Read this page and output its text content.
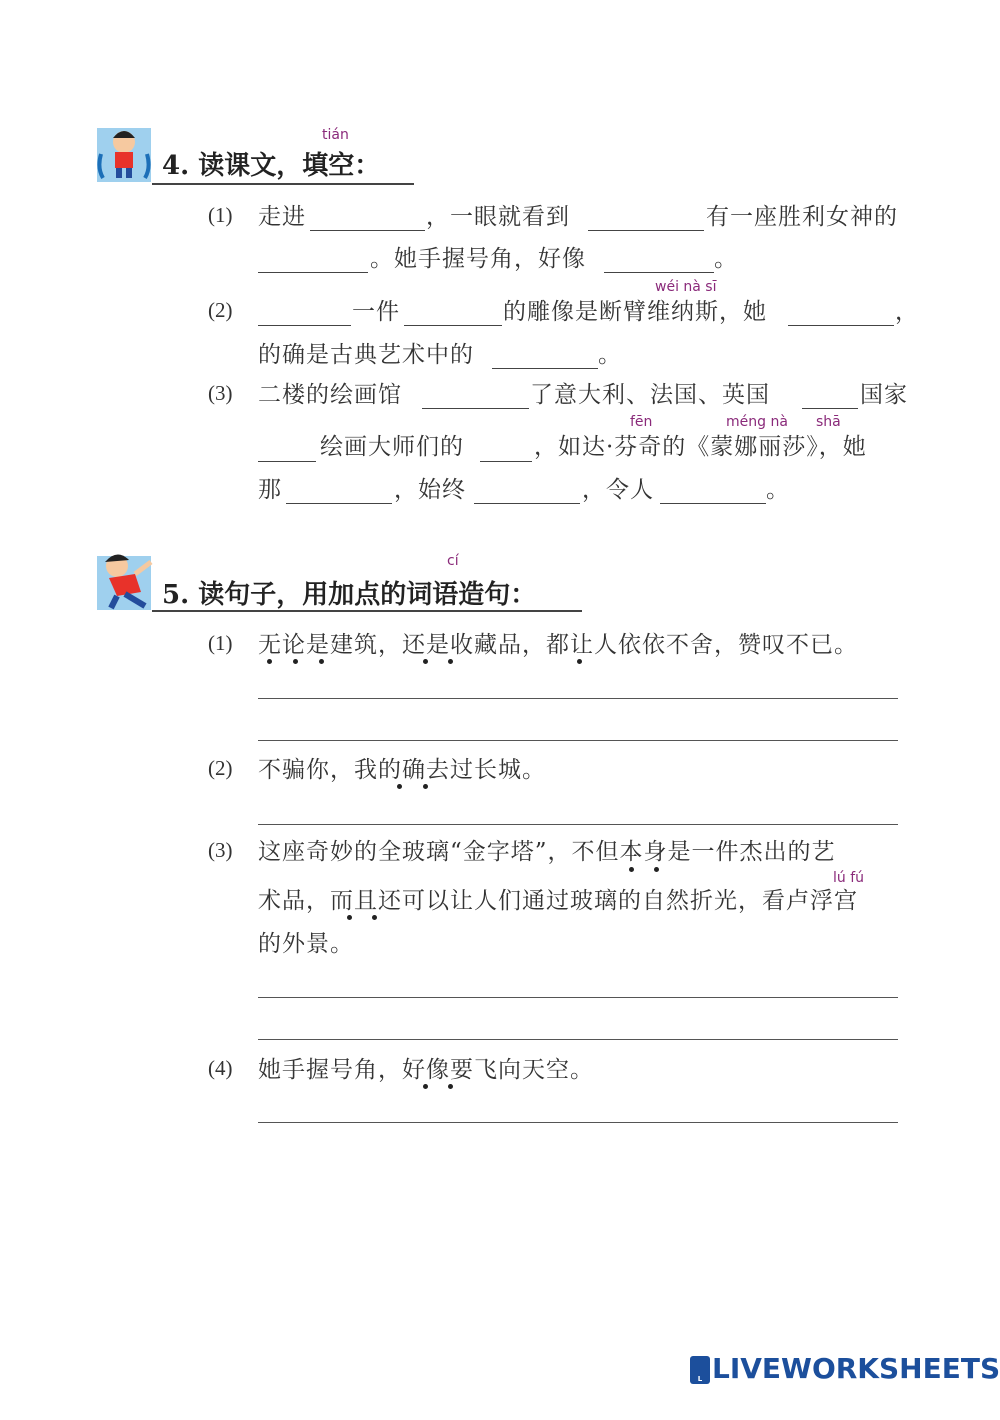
tián
4. 读课文，填空：
(1) 走进	，一眼就看到	有一座胜利女神的
。她手握号角，好像	。
wéi nà sī
(2)	一件	的雕像是断臂维纳斯，她	，
的确是古典艺术中的	。
(3) 二楼的绘画馆	了意大利、法国、英国	国家
fēn	méng nà shā
绘画大师们的	，如达·芬奇的《蒙娜丽莎》，她
那	，始终	，令人	。
cí
5. 读句子，用加点的词语造句：
(1) 无论是建筑，还是收藏品，都让人依依不舍，赞叹不已。
(2) 不骗你，我的确去过长城。
(3) 这座奇妙的全玻璃“金字塔”，不但本身是一件杰出的艺
lú fú
术品，而且还可以让人们通过玻璃的自然折光，看卢浮宫
的外景。
(4) 她手握号角，好像要飞向天空。

LWS

LIVEWORKSHEETS
